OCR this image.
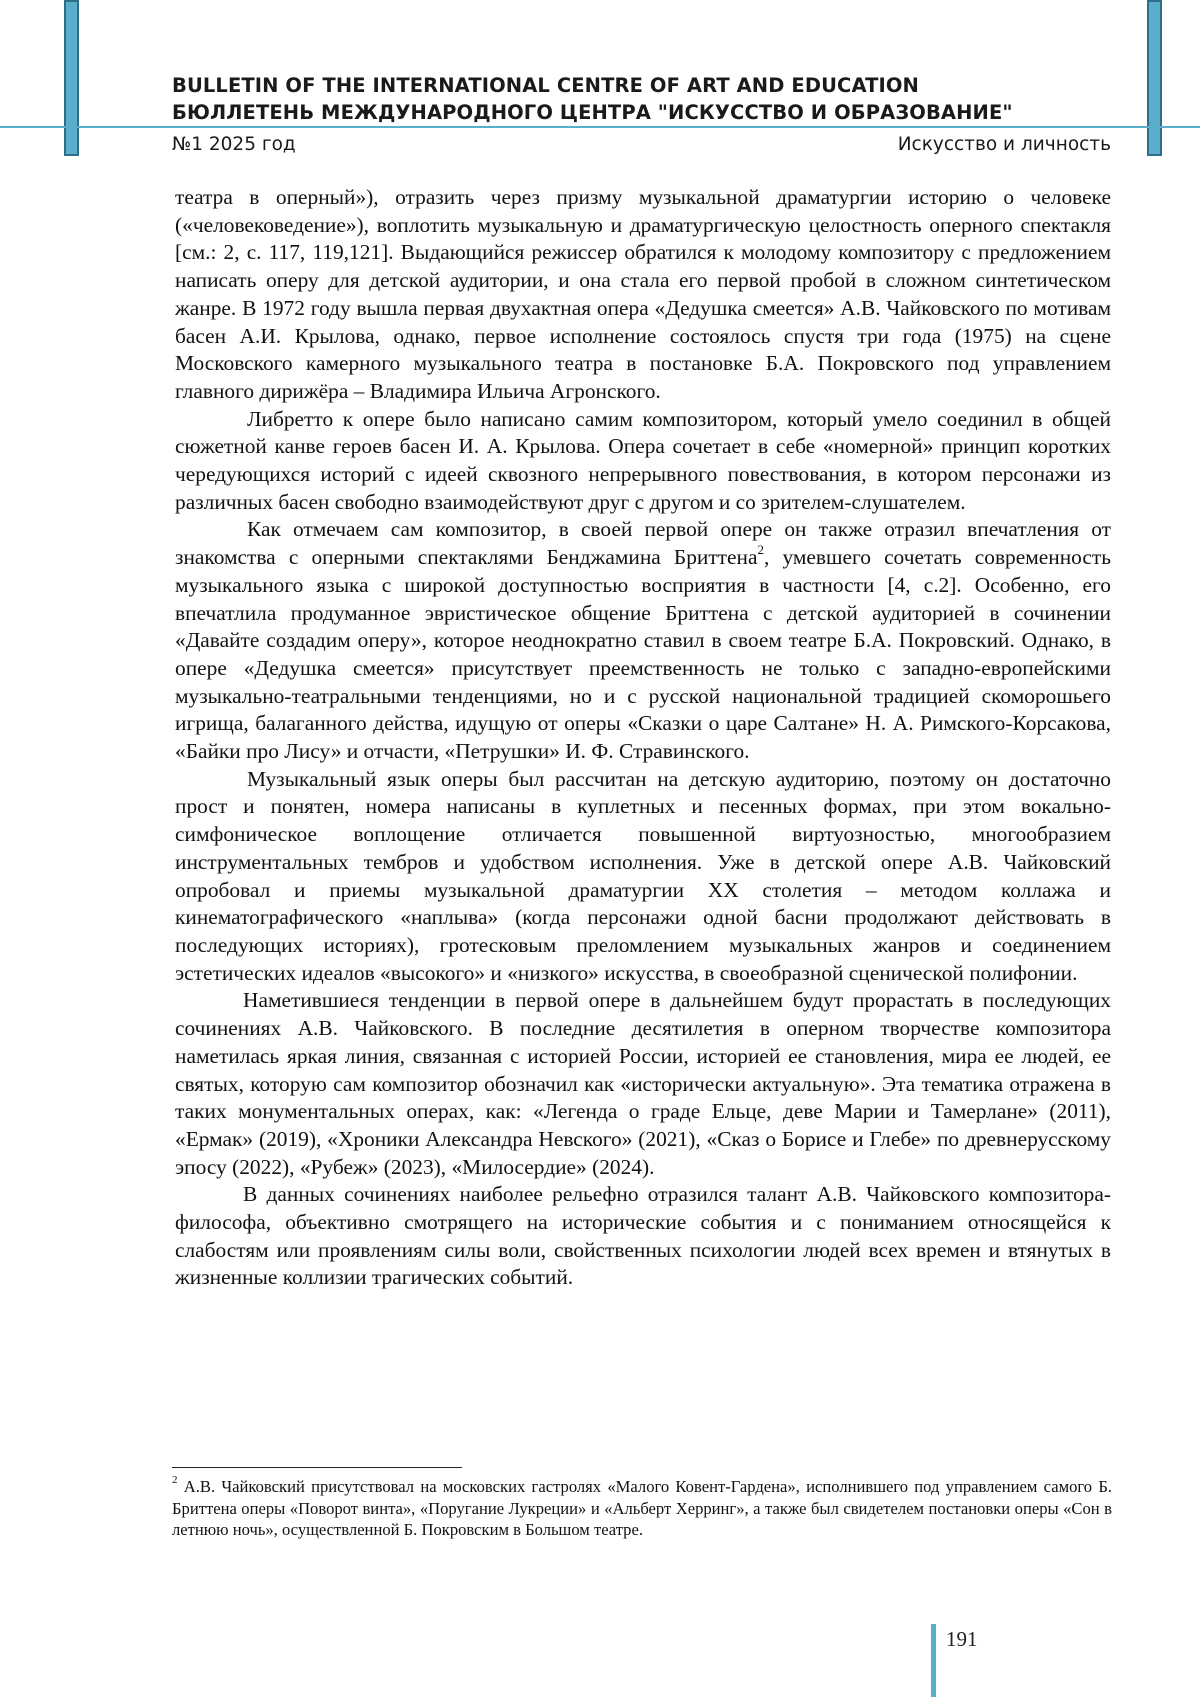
BULLETIN OF THE INTERNATIONAL CENTRE OF ART AND EDUCATION
БЮЛЛЕТЕНЬ МЕЖДУНАРОДНОГО ЦЕНТРА "ИСКУССТВО И ОБРАЗОВАНИЕ"
№1 2025 год	Искусство и личность

театра в оперный»), отразить через призму музыкальной драматургии историю о человеке («человековедение»), воплотить музыкальную и драматургическую целостность оперного спектакля [см.: 2, с. 117, 119,121]. Выдающийся режиссер обратился к молодому композитору с предложением написать оперу для детской аудитории, и она стала его первой пробой в сложном синтетическом жанре. В 1972 году вышла первая двухактная опера «Дедушка смеется» А.В. Чайковского по мотивам басен А.И. Крылова, однако, первое исполнение состоялось спустя три года (1975) на сцене Московского камерного музыкального театра в постановке Б.А. Покровского под управлением главного дирижёра – Владимира Ильича Агронского.

Либретто к опере было написано самим композитором, который умело соединил в общей сюжетной канве героев басен И. А. Крылова. Опера сочетает в себе «номерной» принцип коротких чередующихся историй с идеей сквозного непрерывного повествования, в котором персонажи из различных басен свободно взаимодействуют друг с другом и со зрителем-слушателем.

Как отмечаем сам композитор, в своей первой опере он также отразил впечатления от знакомства с оперными спектаклями Бенджамина Бриттена$^2$, умевшего сочетать современность музыкального языка с широкой доступностью восприятия в частности [4, с.2]. Особенно, его впечатлила продуманное эвристическое общение Бриттена с детской аудиторией в сочинении «Давайте создадим оперу», которое неоднократно ставил в своем театре Б.А. Покровский. Однако, в опере «Дедушка смеется» присутствует преемственность не только с западно-европейскими музыкально-театральными тенденциями, но и с русской национальной традицией скоморошьего игрища, балаганного действа, идущую от оперы «Сказки о царе Салтане» Н. А. Римского-Корсакова, «Байки про Лису» и отчасти, «Петрушки» И. Ф. Стравинского.

Музыкальный язык оперы был рассчитан на детскую аудиторию, поэтому он достаточно прост и понятен, номера написаны в куплетных и песенных формах, при этом вокально-симфоническое воплощение отличается повышенной виртуозностью, многообразием инструментальных тембров и удобством исполнения. Уже в детской опере А.В. Чайковский опробовал и приемы музыкальной драматургии XX столетия – методом коллажа и кинематографического «наплыва» (когда персонажи одной басни продолжают действовать в последующих историях), гротесковым преломлением музыкальных жанров и соединением эстетических идеалов «высокого» и «низкого» искусства, в своеобразной сценической полифонии.

Наметившиеся тенденции в первой опере в дальнейшем будут прорастать в последующих сочинениях А.В. Чайковского. В последние десятилетия в оперном творчестве композитора наметилась яркая линия, связанная с историей России, историей ее становления, мира ее людей, ее святых, которую сам композитор обозначил как «исторически актуальную». Эта тематика отражена в таких монументальных операх, как: «Легенда о граде Ельце, деве Марии и Тамерлане» (2011), «Ермак» (2019), «Хроники Александра Невского» (2021), «Сказ о Борисе и Глебе» по древнерусскому эпосу (2022), «Рубеж» (2023), «Милосердие» (2024).

В данных сочинениях наиболее рельефно отразился талант А.В. Чайковского композитора-философа, объективно смотрящего на исторические события и с пониманием относящейся к слабостям или проявлениям силы воли, свойственных психологии людей всех времен и втянутых в жизненные коллизии трагических событий.

$^2$ А.В. Чайковский присутствовал на московских гастролях «Малого Ковент-Гардена», исполнившего под управлением самого Б. Бриттена оперы «Поворот винта», «Поругание Лукреции» и «Альберт Херринг», а также был свидетелем постановки оперы «Сон в летнюю ночь», осуществленной Б. Покровским в Большом театре.

191
